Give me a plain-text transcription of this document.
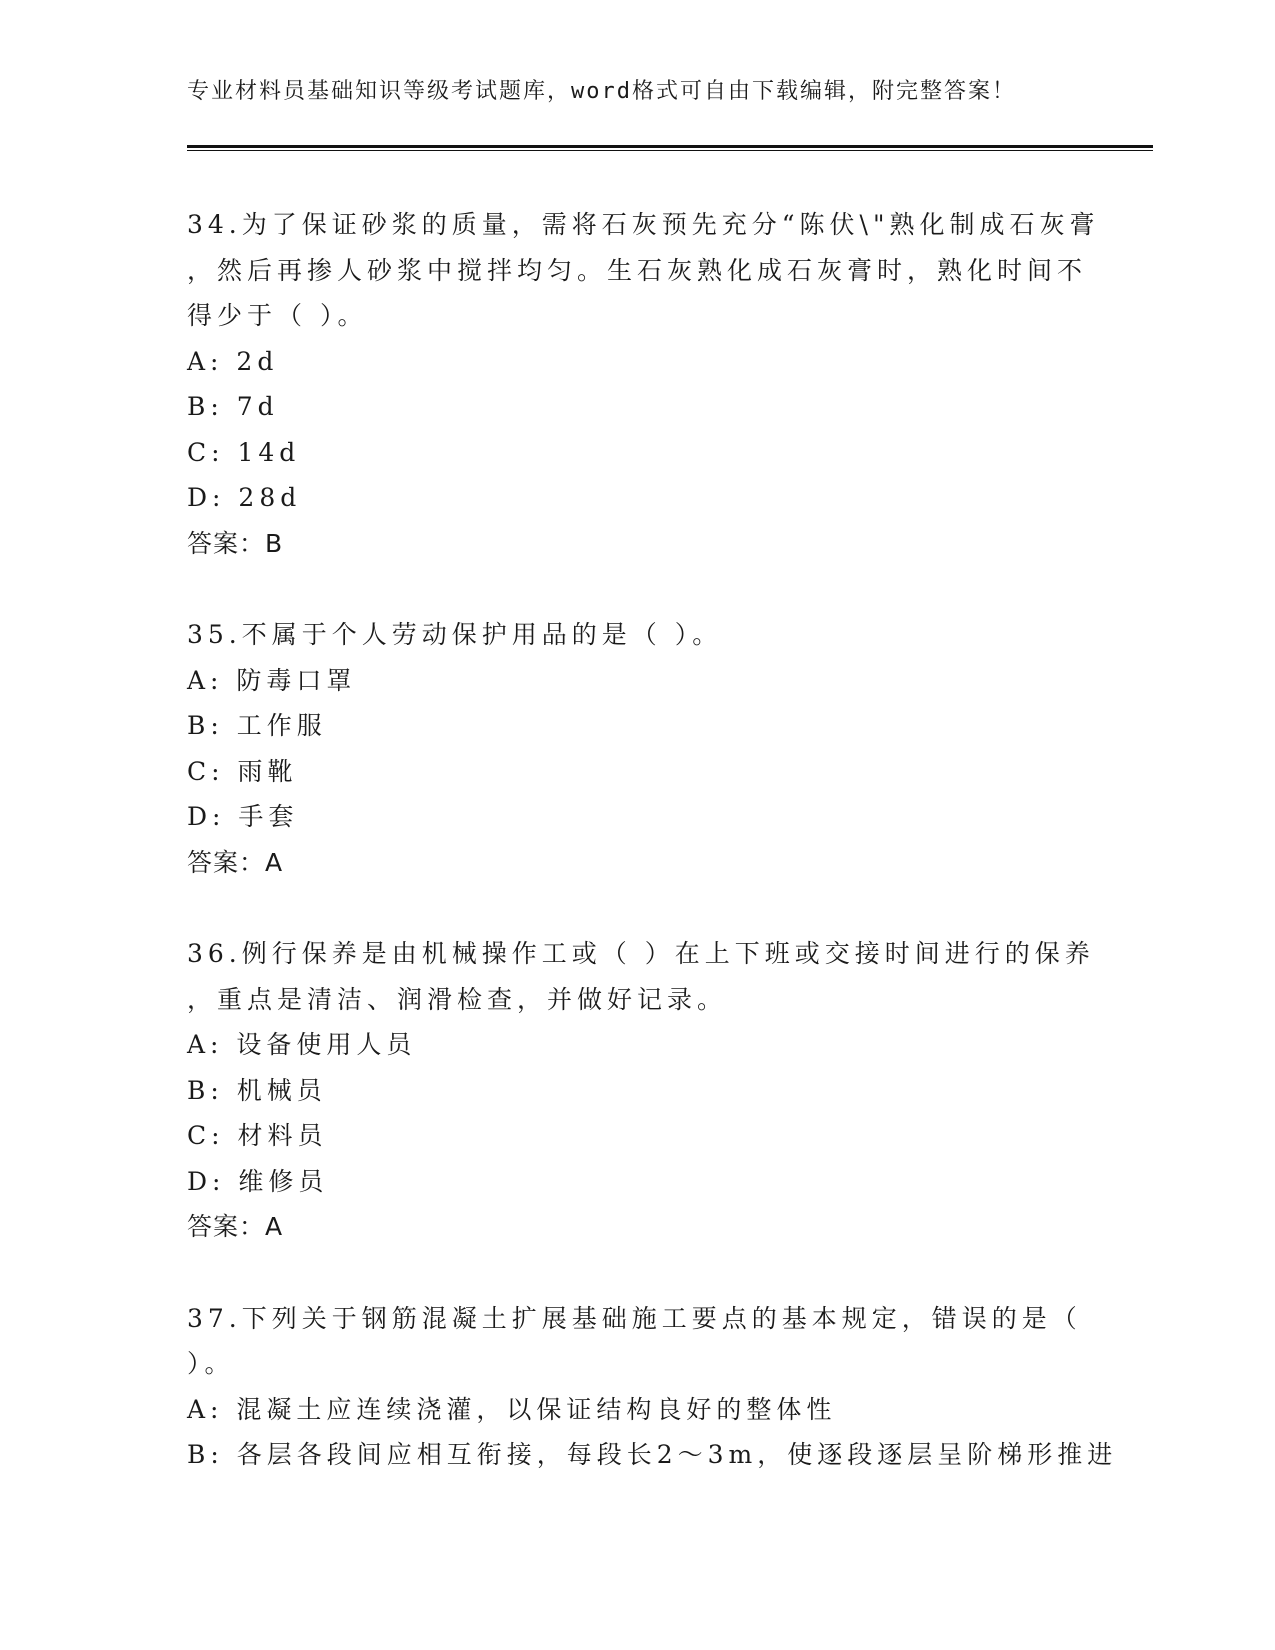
专业材料员基础知识等级考试题库，word格式可自由下载编辑，附完整答案！
34.为了保证砂浆的质量，需将石灰预先充分“陈伏\"熟化制成石灰膏
，然后再掺人砂浆中搅拌均匀。生石灰熟化成石灰膏时，熟化时间不
得少于（ ）。
A: 2d
B: 7d
C: 14d
D: 28d
答案：B
35.不属于个人劳动保护用品的是（ ）。
A: 防毒口罩
B: 工作服
C: 雨靴
D: 手套
答案：A
36.例行保养是由机械操作工或（ ）在上下班或交接时间进行的保养
，重点是清洁、润滑检查，并做好记录。
A: 设备使用人员
B: 机械员
C: 材料员
D: 维修员
答案：A
37.下列关于钢筋混凝土扩展基础施工要点的基本规定，错误的是（
）。
A: 混凝土应连续浇灌，以保证结构良好的整体性
B: 各层各段间应相互衔接，每段长2～3m，使逐段逐层呈阶梯形推进
